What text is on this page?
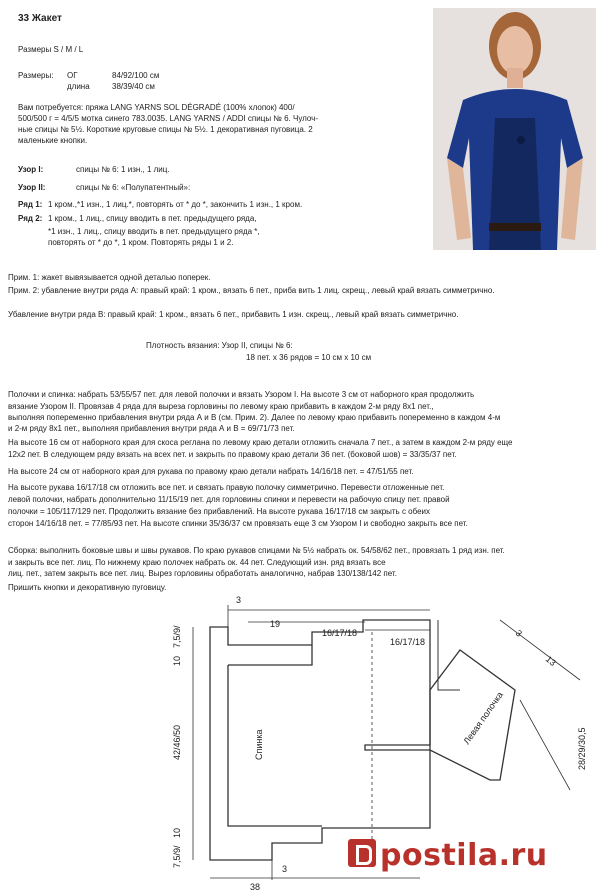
33 Жакет
Размеры S / M / L
Размеры: ОГ	84/92/100 см
длина	38/39/40 см
Вам потребуется: пряжа LANG YARNS SOL DÉGRADÉ (100% хлопок) 400/
500/500 г = 4/5/5 мотка синего 783.0035. LANG YARNS / ADDI спицы № 6. Чулоч-
ные спицы № 5½. Короткие круговые спицы № 5½. 1 декоративная пуговица. 2
маленькие кнопки.
Узор I:	спицы № 6: 1 изн., 1 лиц.
Узор II:	спицы № 6: «Полупатентный»:
Ряд 1: 1 кром.,*1 изн., 1 лиц.*, повторять от * до *, закончить 1 изн., 1 кром.
Ряд 2: 1 кром., 1 лиц., спицу вводить в пет. предыдущего ряда,
*1 изн., 1 лиц., спицу вводить в пет. предыдущего ряда *,
повторять от * до *, 1 кром. Повторять ряды 1 и 2.
Прим. 1: жакет вывязывается одной деталью поперек.
Прим. 2: убавление внутри ряда А: правый край: 1 кром., вязать 6 пет., приба вить 1 лиц. скрещ., левый край вязать симметрично.
Убавление внутри ряда В: правый край: 1 кром., вязать 6 пет., прибавить 1 изн. скрещ., левый край вязать симметрично.
Плотность вязания: Узор II, спицы № 6:
18 пет. х 36 рядов = 10 см х 10 см
Полочки и спинка: набрать 53/55/57 пет. для левой полочки и вязать Узором I. На высоте 3 см от наборного края продолжить
вязание Узором II. Провязав 4 ряда для выреза горловины по левому краю прибавить в каждом 2-м ряду 8x1 пет.,
выполняя попеременно прибавления внутри ряда А и В (см. Прим. 2). Далее по левому краю прибавить попеременно в каждом 4-м
и 2-м ряду 8x1 пет., выполняя прибавления внутри ряда А и В = 69/71/73 пет.
На высоте 16 см от наборного края для скоса реглана по левому краю детали отложить сначала 7 пет., а затем в каждом 2-м ряду еще
12x2 пет. В следующем ряду вязать на всех пет. и закрыть по правому краю детали 36 пет. (боковой шов) = 33/35/37 пет.
На высоте 24 см от наборного края для рукава по правому краю детали набрать 14/16/18 пет. = 47/51/55 пет.
На высоте рукава 16/17/18 см отложить все пет. и связать правую полочку симметрично. Перевести отложенные пет.
левой полочки, набрать дополнительно 11/15/19 пет. для горловины спинки и перевести на рабочую спицу пет. правой
полочки = 105/117/129 пет. Продолжить вязание без прибавлений. На высоте рукава 16/17/18 см закрыть с обеих
сторон 14/16/18 пет. = 77/85/93 пет. На высоте спинки 35/36/37 см провязать еще 3 см Узором I и свободно закрыть все пет.
Сборка: выполнить боковые швы и швы рукавов. По краю рукавов спицами № 5½ набрать ок. 54/58/62 пет., провязать 1 ряд изн. пет.
и закрыть все пет. лиц. По нижнему краю полочек набрать ок. 44 пет. Следующий изн. ряд вязать все
лиц. пет., затем закрыть все пет. лиц. Вырез горловины обработать аналогично, набрав 130/138/142 пет.
Пришить кнопки и декоративную пуговицу.
3
19
16/17/18
16/17/18
7,5/9/
10
42/46/50
10
7,5/9/
3
38
3
13
28/29/30,5
Спинка	Левая полочка
postila.ru
